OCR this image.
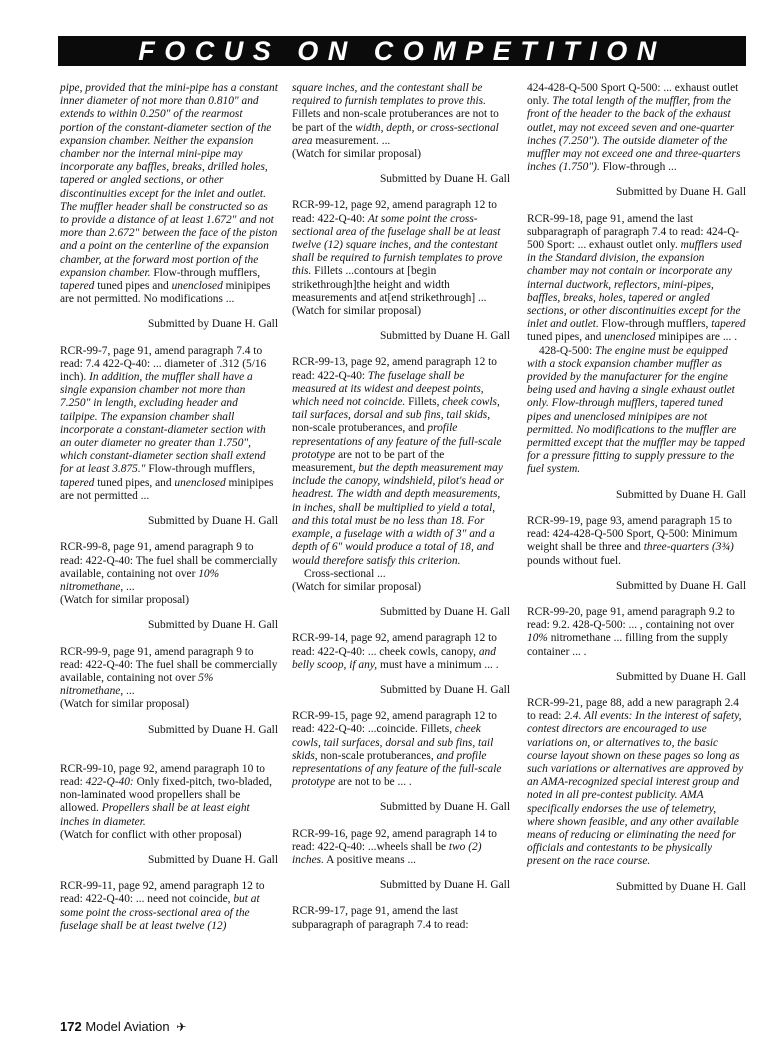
FOCUS ON COMPETITION

pipe, provided that the mini-pipe has a constant inner diameter of not more than 0.810" and extends to within 0.250" of the rearmost portion of the constant-diameter section of the expansion chamber. Neither the expansion chamber nor the internal mini-pipe may incorporate any baffles, breaks, drilled holes, tapered or angled sections, or other discontinuities except for the inlet and outlet. The muffler header shall be constructed so as to provide a distance of at least 1.672" and not more than 2.672" between the face of the piston and a point on the centerline of the expansion chamber, at the forward most portion of the expansion chamber. Flow-through mufflers, tapered tuned pipes and unenclosed minipipes are not permitted. No modifications ...

Submitted by Duane H. Gall

RCR-99-7, page 91, amend paragraph 7.4 to read: 7.4 422-Q-40: ... diameter of .312 (5/16 inch). In addition, the muffler shall have a single expansion chamber not more than 7.250" in length, excluding header and tailpipe. The expansion chamber shall incorporate a constant-diameter section with an outer diameter no greater than 1.750", which constant-diameter section shall extend for at least 3.875." Flow-through mufflers, tapered tuned pipes, and unenclosed minipipes are not permitted ...

Submitted by Duane H. Gall

RCR-99-8, page 91, amend paragraph 9 to read: 422-Q-40: The fuel shall be commercially available, containing not over 10% nitromethane, ...

(Watch for similar proposal)

Submitted by Duane H. Gall

RCR-99-9, page 91, amend paragraph 9 to read: 422-Q-40: The fuel shall be commercially available, containing not over 5% nitromethane, ...

(Watch for similar proposal)

Submitted by Duane H. Gall

RCR-99-10, page 92, amend paragraph 10 to read: 422-Q-40: Only fixed-pitch, two-bladed, non-laminated wood propellers shall be allowed. Propellers shall be at least eight inches in diameter.

(Watch for conflict with other proposal)

Submitted by Duane H. Gall

RCR-99-11, page 92, amend paragraph 12 to read: 422-Q-40: ... need not coincide, but at some point the cross-sectional area of the fuselage shall be at least twelve (12)

square inches, and the contestant shall be required to furnish templates to prove this. Fillets and non-scale protuberances are not to be part of the width, depth, or cross-sectional area measurement. ...

(Watch for similar proposal)

Submitted by Duane H. Gall

RCR-99-12, page 92, amend paragraph 12 to read: 422-Q-40: At some point the cross-sectional area of the fuselage shall be at least twelve (12) square inches, and the contestant shall be required to furnish templates to prove this. Fillets ...contours at [begin strikethrough]the height and width measurements and at[end strikethrough] ...

(Watch for similar proposal)

Submitted by Duane H. Gall

RCR-99-13, page 92, amend paragraph 12 to read: 422-Q-40: The fuselage shall be measured at its widest and deepest points, which need not coincide. Fillets, cheek cowls, tail surfaces, dorsal and sub fins, tail skids, non-scale protuberances, and profile representations of any feature of the full-scale prototype are not to be part of the measurement, but the depth measurement may include the canopy, windshield, pilot's head or headrest. The width and depth measurements, in inches, shall be multiplied to yield a total, and this total must be no less than 18. For example, a fuselage with a width of 3" and a depth of 6" would produce a total of 18, and would therefore satisfy this criterion.

Cross-sectional ...

(Watch for similar proposal)

Submitted by Duane H. Gall

RCR-99-14, page 92, amend paragraph 12 to read: 422-Q-40: ... cheek cowls, canopy, and belly scoop, if any, must have a minimum ... .

Submitted by Duane H. Gall

RCR-99-15, page 92, amend paragraph 12 to read: 422-Q-40: ...coincide. Fillets, cheek cowls, tail surfaces, dorsal and sub fins, tail skids, non-scale protuberances, and profile representations of any feature of the full-scale prototype are not to be ... .

Submitted by Duane H. Gall

RCR-99-16, page 92, amend paragraph 14 to read: 422-Q-40: ...wheels shall be two (2) inches. A positive means ...

Submitted by Duane H. Gall

RCR-99-17, page 91, amend the last subparagraph of paragraph 7.4 to read:

424-428-Q-500 Sport Q-500: ... exhaust outlet only. The total length of the muffler, from the front of the header to the back of the exhaust outlet, may not exceed seven and one-quarter inches (7.250"). The outside diameter of the muffler may not exceed one and three-quarters inches (1.750"). Flow-through ...

Submitted by Duane H. Gall

RCR-99-18, page 91, amend the last subparagraph of paragraph 7.4 to read: 424-Q-500 Sport: ... exhaust outlet only. mufflers used in the Standard division, the expansion chamber may not contain or incorporate any internal ductwork, reflectors, mini-pipes, baffles, breaks, holes, tapered or angled sections, or other discontinuities except for the inlet and outlet. Flow-through mufflers, tapered tuned pipes, and unenclosed minipipes are ... .

428-Q-500: The engine must be equipped with a stock expansion chamber muffler as provided by the manufacturer for the engine being used and having a single exhaust outlet only. Flow-through mufflers, tapered tuned pipes and unenclosed minipipes are not permitted. No modifications to the muffler are permitted except that the muffler may be tapped for a pressure fitting to supply pressure to the fuel system.

Submitted by Duane H. Gall

RCR-99-19, page 93, amend paragraph 15 to read: 424-428-Q-500 Sport, Q-500: Minimum weight shall be three and three-quarters (3¾) pounds without fuel.

Submitted by Duane H. Gall

RCR-99-20, page 91, amend paragraph 9.2 to read: 9.2. 428-Q-500: ... , containing not over 10% nitromethane ... filling from the supply container ... .

Submitted by Duane H. Gall

RCR-99-21, page 88, add a new paragraph 2.4 to read: 2.4. All events: In the interest of safety, contest directors are encouraged to use variations on, or alternatives to, the basic course layout shown on these pages so long as such variations or alternatives are approved by an AMA-recognized special interest group and noted in all pre-contest publicity. AMA specifically endorses the use of telemetry, where shown feasible, and any other available means of reducing or eliminating the need for officials and contestants to be physically present on the race course.

Submitted by Duane H. Gall

172 Model Aviation ✈
